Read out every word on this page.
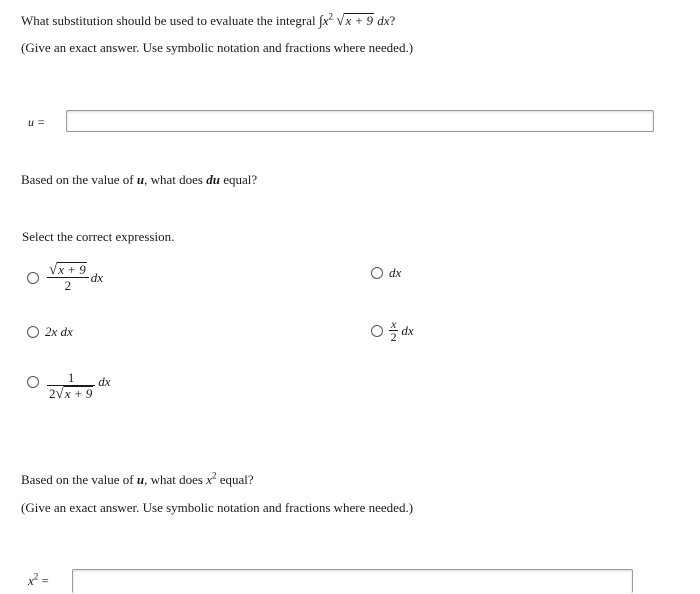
What substitution should be used to evaluate the integral $\int x^2$ √ x + 9 dx?
(Give an exact answer. Use symbolic notation and fractions where needed.)
u =
Based on the value of u, what does du equal?
Select the correct expression.
$\frac{√ x + 9}{2}$ dx	dx
2x dx	$\frac{x}{2}$ dx
$\frac{1}{2 √ x + 9}$ dx
Based on the value of u, what does $x^2$ equal?
(Give an exact answer. Use symbolic notation and fractions where needed.)
$x^2$ =
